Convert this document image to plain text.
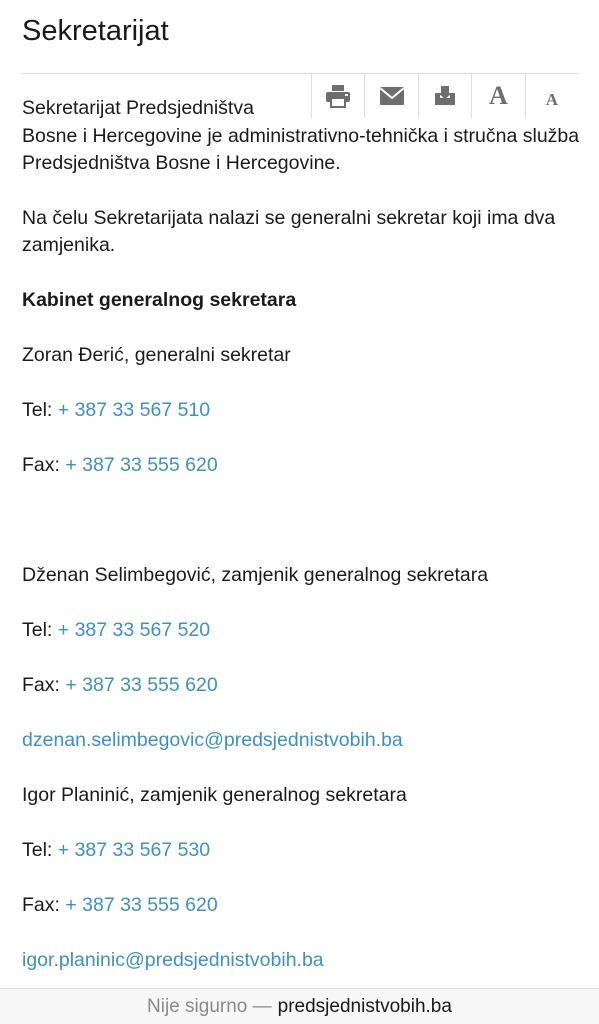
Sekretarijat
A A

Sekretarijat Predsjedništva
Bosne i Hercegovine je administrativno-tehnička i stručna služba Predsjedništva Bosne i Hercegovine.

Na čelu Sekretarijata nalazi se generalni sekretar koji ima dva zamjenika.

Kabinet generalnog sekretara

Zoran Đerić, generalni sekretar

Tel: + 387 33 567 510

Fax: + 387 33 555 620

Dženan Selimbegović, zamjenik generalnog sekretara

Tel: + 387 33 567 520

Fax: + 387 33 555 620

dzenan.selimbegovic@predsjednistvobih.ba

Igor Planinić, zamjenik generalnog sekretara

Tel: + 387 33 567 530

Fax: + 387 33 555 620

igor.planinic@predsjednistvobih.ba

Nije sigurno — predsjednistvobih.ba
